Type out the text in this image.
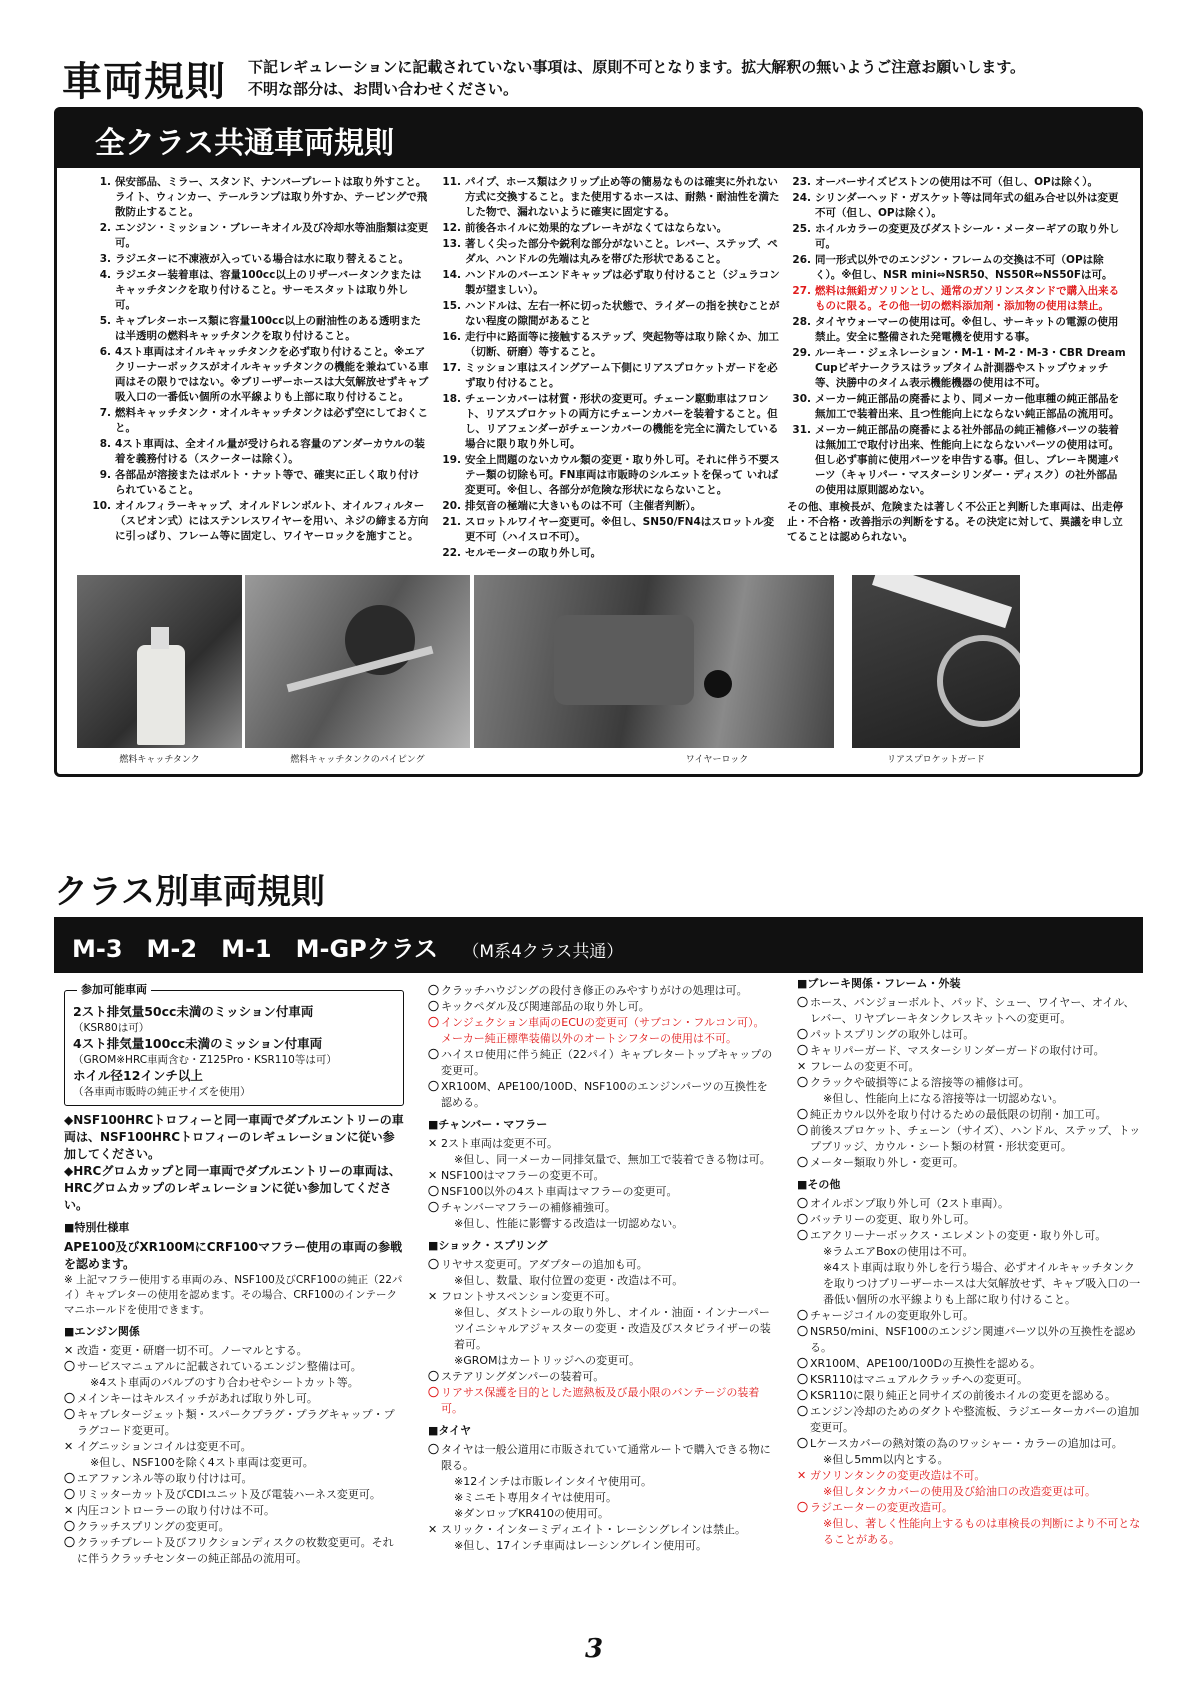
車両規則 下記レギュレーションに記載されていない事項は、原則不可となります。拡大解釈の無いようご注意お願いします。
不明な部分は、お問い合わせください。
全クラス共通車両規則
1. 保安部品、ミラー、スタンド、ナンバープレートは取り外すこと。ライト、ウィンカー、テールランプは取り外すか、テーピングで飛散防止すること。
2. エンジン・ミッション・ブレーキオイル及び冷却水等油脂類は変更可。
3. ラジエターに不凍液が入っている場合は水に取り替えること。
4. ラジエター装着車は、容量100cc以上のリザーバータンクまたはキャッチタンクを取り付けること。サーモスタットは取り外し可。
5. キャブレターホース類に容量100cc以上の耐油性のある透明または半透明の燃料キャッチタンクを取り付けること。
6. 4スト車両はオイルキャッチタンクを必ず取り付けること。※エアクリーナーボックスがオイルキャッチタンクの機能を兼ねている車両はその限りではない。※ブリーザーホースは大気解放せずキャブ吸入口の一番低い個所の水平線よりも上部に取り付けること。
7. 燃料キャッチタンク・オイルキャッチタンクは必ず空にしておくこと。
8. 4スト車両は、全オイル量が受けられる容量のアンダーカウルの装着を義務付ける（スクーターは除く）。
9. 各部品が溶接またはボルト・ナット等で、確実に正しく取り付けられていること。
10. オイルフィラーキャップ、オイルドレンボルト、オイルフィルター（スピオン式）にはステンレスワイヤーを用い、ネジの締まる方向に引っぱり、フレーム等に固定し、ワイヤーロックを施すこと。
11. パイプ、ホース類はクリップ止め等の簡易なものは確実に外れない方式に交換すること。また使用するホースは、耐熱・耐油性を満たした物で、漏れないように確実に固定する。
12. 前後各ホイルに効果的なブレーキがなくてはならない。
13. 著しく尖った部分や鋭利な部分がないこと。レバー、ステップ、ペダル、ハンドルの先端は丸みを帯びた形状であること。
14. ハンドルのバーエンドキャップは必ず取り付けること（ジュラコン製が望ましい）。
15. ハンドルは、左右一杯に切った状態で、ライダーの指を挟むことがない程度の隙間があること
16. 走行中に路面等に接触するステップ、突起物等は取り除くか、加工（切断、研磨）等すること。
17. ミッション車はスイングアーム下側にリアスプロケットガードを必ず取り付けること。
18. チェーンカバーは材質・形状の変更可。チェーン駆動車はフロント、リアスプロケットの両方にチェーンカバーを装着すること。但し、リアフェンダーがチェーンカバーの機能を完全に満たしている場合に限り取り外し可。
19. 安全上問題のないカウル類の変更・取り外し可。それに伴う不要ステー類の切除も可。FN車両は市販時のシルエットを保って いれば変更可。※但し、各部分が危険な形状にならないこと。
20. 排気音の極端に大きいものは不可（主催者判断）。
21. スロットルワイヤー変更可。※但し、SN50/FN4はスロットル変更不可（ハイスロ不可）。
22. セルモーターの取り外し可。
23. オーバーサイズピストンの使用は不可（但し、OPは除く）。
24. シリンダーヘッド・ガスケット等は同年式の組み合せ以外は変更不可（但し、OPは除く）。
25. ホイルカラーの変更及びダストシール・メーターギアの取り外し可。
26. 同一形式以外でのエンジン・フレームの交換は不可（OPは除く）。※但し、NSR mini⇔NSR50、NS50R⇔NS50Fは可。
27. 燃料は無鉛ガソリンとし、通常のガソリンスタンドで購入出来るものに限る。その他一切の燃料添加剤・添加物の使用は禁止。
28. タイヤウォーマーの使用は可。※但し、サーキットの電源の使用禁止。安全に整備された発電機を使用する事。
29. ルーキー・ジェネレーション・M-1・M-2・M-3・CBR Dream Cupビギナークラスはラップタイム計測器やストップウォッチ等、決勝中のタイム表示機能機器の使用は不可。
30. メーカー純正部品の廃番により、同メーカー他車種の純正部品を無加工で装着出来、且つ性能向上にならない純正部品の流用可。
31. メーカー純正部品の廃番による社外部品の純正補修パーツの装着は無加工で取付け出来、性能向上にならないパーツの使用は可。但し必ず事前に使用パーツを申告する事。但し、ブレーキ関連パーツ（キャリパー・マスターシリンダー・ディスク）の社外部品の使用は原則認めない。
その他、車検長が、危険または著しく不公正と判断した車両は、出走停止・不合格・改善指示の判断をする。その決定に対して、異議を申し立てることは認められない。
燃料キャッチタンク	燃料キャッチタンクのパイピング	ワイヤーロック	リアスプロケットガード
クラス別車両規則
M-3　M-2　M-1　M-GPクラス （M系4クラス共通）
参加可能車両
2スト排気量50cc未満のミッション付車両
（KSR80は可）
4スト排気量100cc未満のミッション付車両
（GROM※HRC車両含む・Z125Pro・KSR110等は可）
ホイル径12インチ以上
（各車両市販時の純正サイズを使用）
◆NSF100HRCトロフィーと同一車両でダブルエントリーの車両は、NSF100HRCトロフィーのレギュレーションに従い参加してください。
◆HRCグロムカップと同一車両でダブルエントリーの車両は、HRCグロムカップのレギュレーションに従い参加してください。
■特別仕様車
APE100及びXR100MにCRF100マフラー使用の車両の参戦を認めます。
※ 上記マフラー使用する車両のみ、NSF100及びCRF100の純正（22パイ）キャブレターの使用を認めます。その場合、CRF100のインテークマニホールドを使用できます。
■エンジン関係
✕ 改造・変更・研磨一切不可。ノーマルとする。
〇 サービスマニュアルに記載されているエンジン整備は可。
※4スト車両のバルブのすり合わせやシートカット等。
〇 メインキーはキルスイッチがあれば取り外し可。
〇 キャブレタージェット類・スパークプラグ・プラグキャップ・プラグコード変更可。
✕ イグニッションコイルは変更不可。
※但し、NSF100を除く4スト車両は変更可。
〇 エアファンネル等の取り付けは可。
〇 リミッターカット及びCDIユニット及び電装ハーネス変更可。
✕ 内圧コントローラーの取り付けは不可。
〇 クラッチスプリングの変更可。
〇 クラッチプレート及びフリクションディスクの枚数変更可。それに伴うクラッチセンターの純正部品の流用可。
〇 クラッチハウジングの段付き修正のみやすりがけの処理は可。
〇 キックペダル及び関連部品の取り外し可。
〇 インジェクション車両のECUの変更可（サブコン・フルコン可）。メーカー純正標準装備以外のオートシフターの使用は不可。
〇 ハイスロ使用に伴う純正（22パイ）キャブレタートップキャップの変更可。
〇 XR100M、APE100/100D、NSF100のエンジンパーツの互換性を認める。
■チャンバー・マフラー
✕ 2スト車両は変更不可。
※但し、同一メーカー同排気量で、無加工で装着できる物は可。
✕ NSF100はマフラーの変更不可。
〇 NSF100以外の4スト車両はマフラーの変更可。
〇 チャンバーマフラーの補修補強可。
※但し、性能に影響する改造は一切認めない。
■ショック・スプリング
〇 リヤサス変更可。アダプターの追加も可。
※但し、数量、取付位置の変更・改造は不可。
✕ フロントサスペンション変更不可。
※但し、ダストシールの取り外し、オイル・油面・インナーパーツイニシャルアジャスターの変更・改造及びスタビライザーの装着可。
※GROMはカートリッジへの変更可。
〇 ステアリングダンパーの装着可。
〇 リアサス保護を目的とした遮熱板及び最小限のバンテージの装着可。
■タイヤ
〇 タイヤは一般公道用に市販されていて通常ルートで購入できる物に限る。
※12インチは市販レインタイヤ使用可。
※ミニモト専用タイヤは使用可。
※ダンロップKR410の使用可。
✕ スリック・インターミディエイト・レーシングレインは禁止。
※但し、17インチ車両はレーシングレイン使用可。
■ブレーキ関係・フレーム・外装
〇 ホース、バンジョーボルト、パッド、シュー、ワイヤー、オイル、レバー、リヤブレーキタンクレスキットへの変更可。
〇 パットスプリングの取外しは可。
〇 キャリパーガード、マスターシリンダーガードの取付け可。
✕ フレームの変更不可。
〇 クラックや破損等による溶接等の補修は可。
※但し、性能向上になる溶接等は一切認めない。
〇 純正カウル以外を取り付けるための最低限の切削・加工可。
〇 前後スプロケット、チェーン（サイズ）、ハンドル、ステップ、トップブリッジ、カウル・シート類の材質・形状変更可。
〇 メーター類取り外し・変更可。
■その他
〇 オイルポンプ取り外し可（2スト車両）。
〇 バッテリーの変更、取り外し可。
〇 エアクリーナーボックス・エレメントの変更・取り外し可。
※ラムエアBoxの使用は不可。
※4スト車両は取り外しを行う場合、必ずオイルキャッチタンクを取りつけブリーザーホースは大気解放せず、キャブ吸入口の一番低い個所の水平線よりも上部に取り付けること。
〇 チャージコイルの変更取外し可。
〇 NSR50/mini、NSF100のエンジン関連パーツ以外の互換性を認める。
〇 XR100M、APE100/100Dの互換性を認める。
〇 KSR110はマニュアルクラッチへの変更可。
〇 KSR110に限り純正と同サイズの前後ホイルの変更を認める。
〇 エンジン冷却のためのダクトや整流板、ラジエーターカバーの追加変更可。
〇 Lケースカバーの熱対策の為のワッシャー・カラーの追加は可。
※但し5mm以内とする。
✕ ガソリンタンクの変更改造は不可。
※但しタンクカバーの使用及び給油口の改造変更は可。
〇 ラジエーターの変更改造可。
※但し、著しく性能向上するものは車検長の判断により不可となることがある。
3
